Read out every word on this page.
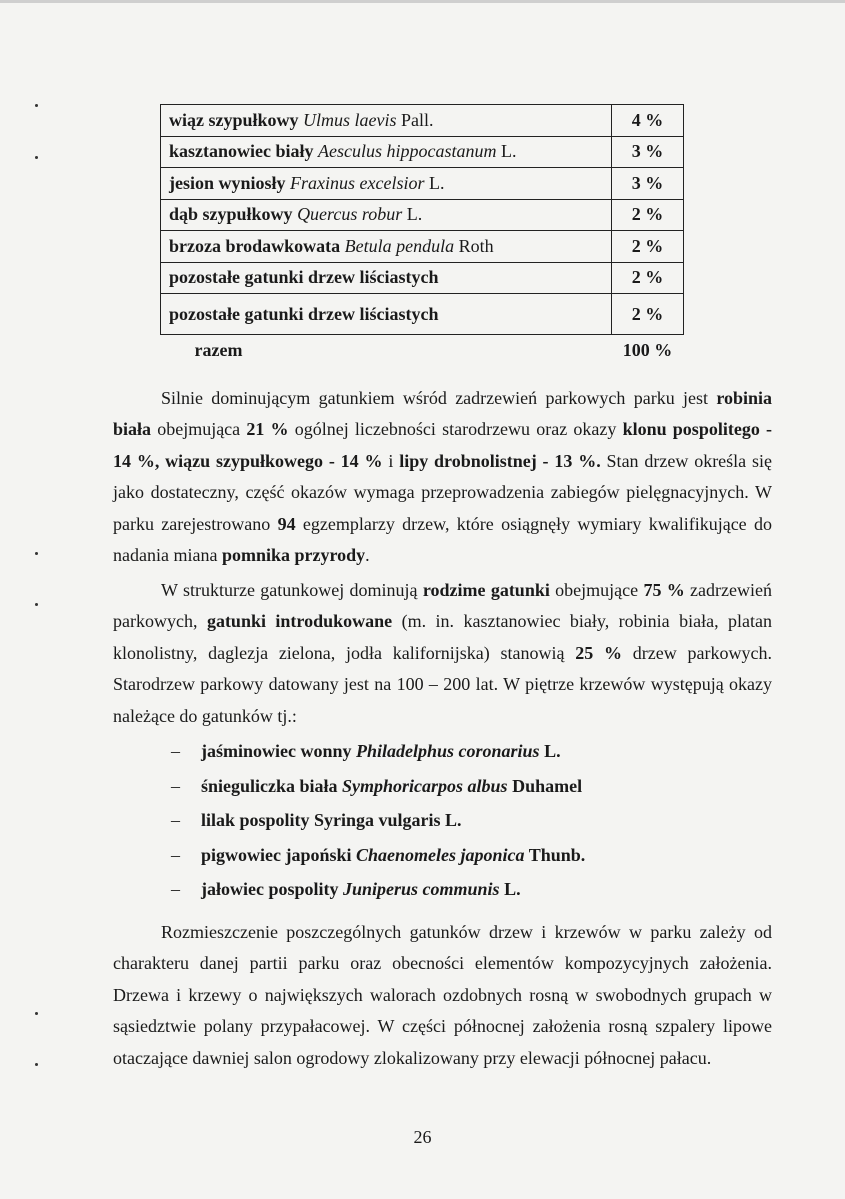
wiąz szypułkowy Ulmus laevis Pall.	4 %
kasztanowiec biały Aesculus hippocastanum L.	3 %
jesion wyniosły Fraxinus excelsior L.	3 %
dąb szypułkowy Quercus robur L.	2 %
brzoza brodawkowata Betula pendula Roth	2 %
pozostałe gatunki drzew liściastych	2 %
pozostałe gatunki drzew liściastych	2 %
razem	100 %
Silnie dominującym gatunkiem wśród zadrzewień parkowych parku jest robinia biała obejmująca 21 % ogólnej liczebności starodrzewu oraz okazy klonu pospolitego - 14 %, wiązu szypułkowego - 14 % i lipy drobnolistnej - 13 %. Stan drzew określa się jako dostateczny, część okazów wymaga przeprowadzenia zabiegów pielęgnacyjnych. W parku zarejestrowano 94 egzemplarzy drzew, które osiągnęły wymiary kwalifikujące do nadania miana pomnika przyrody.
W strukturze gatunkowej dominują rodzime gatunki obejmujące 75 % zadrzewień parkowych, gatunki introdukowane (m. in. kasztanowiec biały, robinia biała, platan klonolistny, daglezja zielona, jodła kalifornijska) stanowią 25 % drzew parkowych. Starodrzew parkowy datowany jest na 100 – 200 lat. W piętrze krzewów występują okazy należące do gatunków tj.:
– jaśminowiec wonny Philadelphus coronarius L.
– śnieguliczka biała Symphoricarpos albus Duhamel
– lilak pospolity Syringa vulgaris L.
– pigwowiec japoński Chaenomeles japonica Thunb.
– jałowiec pospolity Juniperus communis L.
Rozmieszczenie poszczególnych gatunków drzew i krzewów w parku zależy od charakteru danej partii parku oraz obecności elementów kompozycyjnych założenia. Drzewa i krzewy o największych walorach ozdobnych rosną w swobodnych grupach w sąsiedztwie polany przypałacowej. W części północnej założenia rosną szpalery lipowe otaczające dawniej salon ogrodowy zlokalizowany przy elewacji północnej pałacu.
26
